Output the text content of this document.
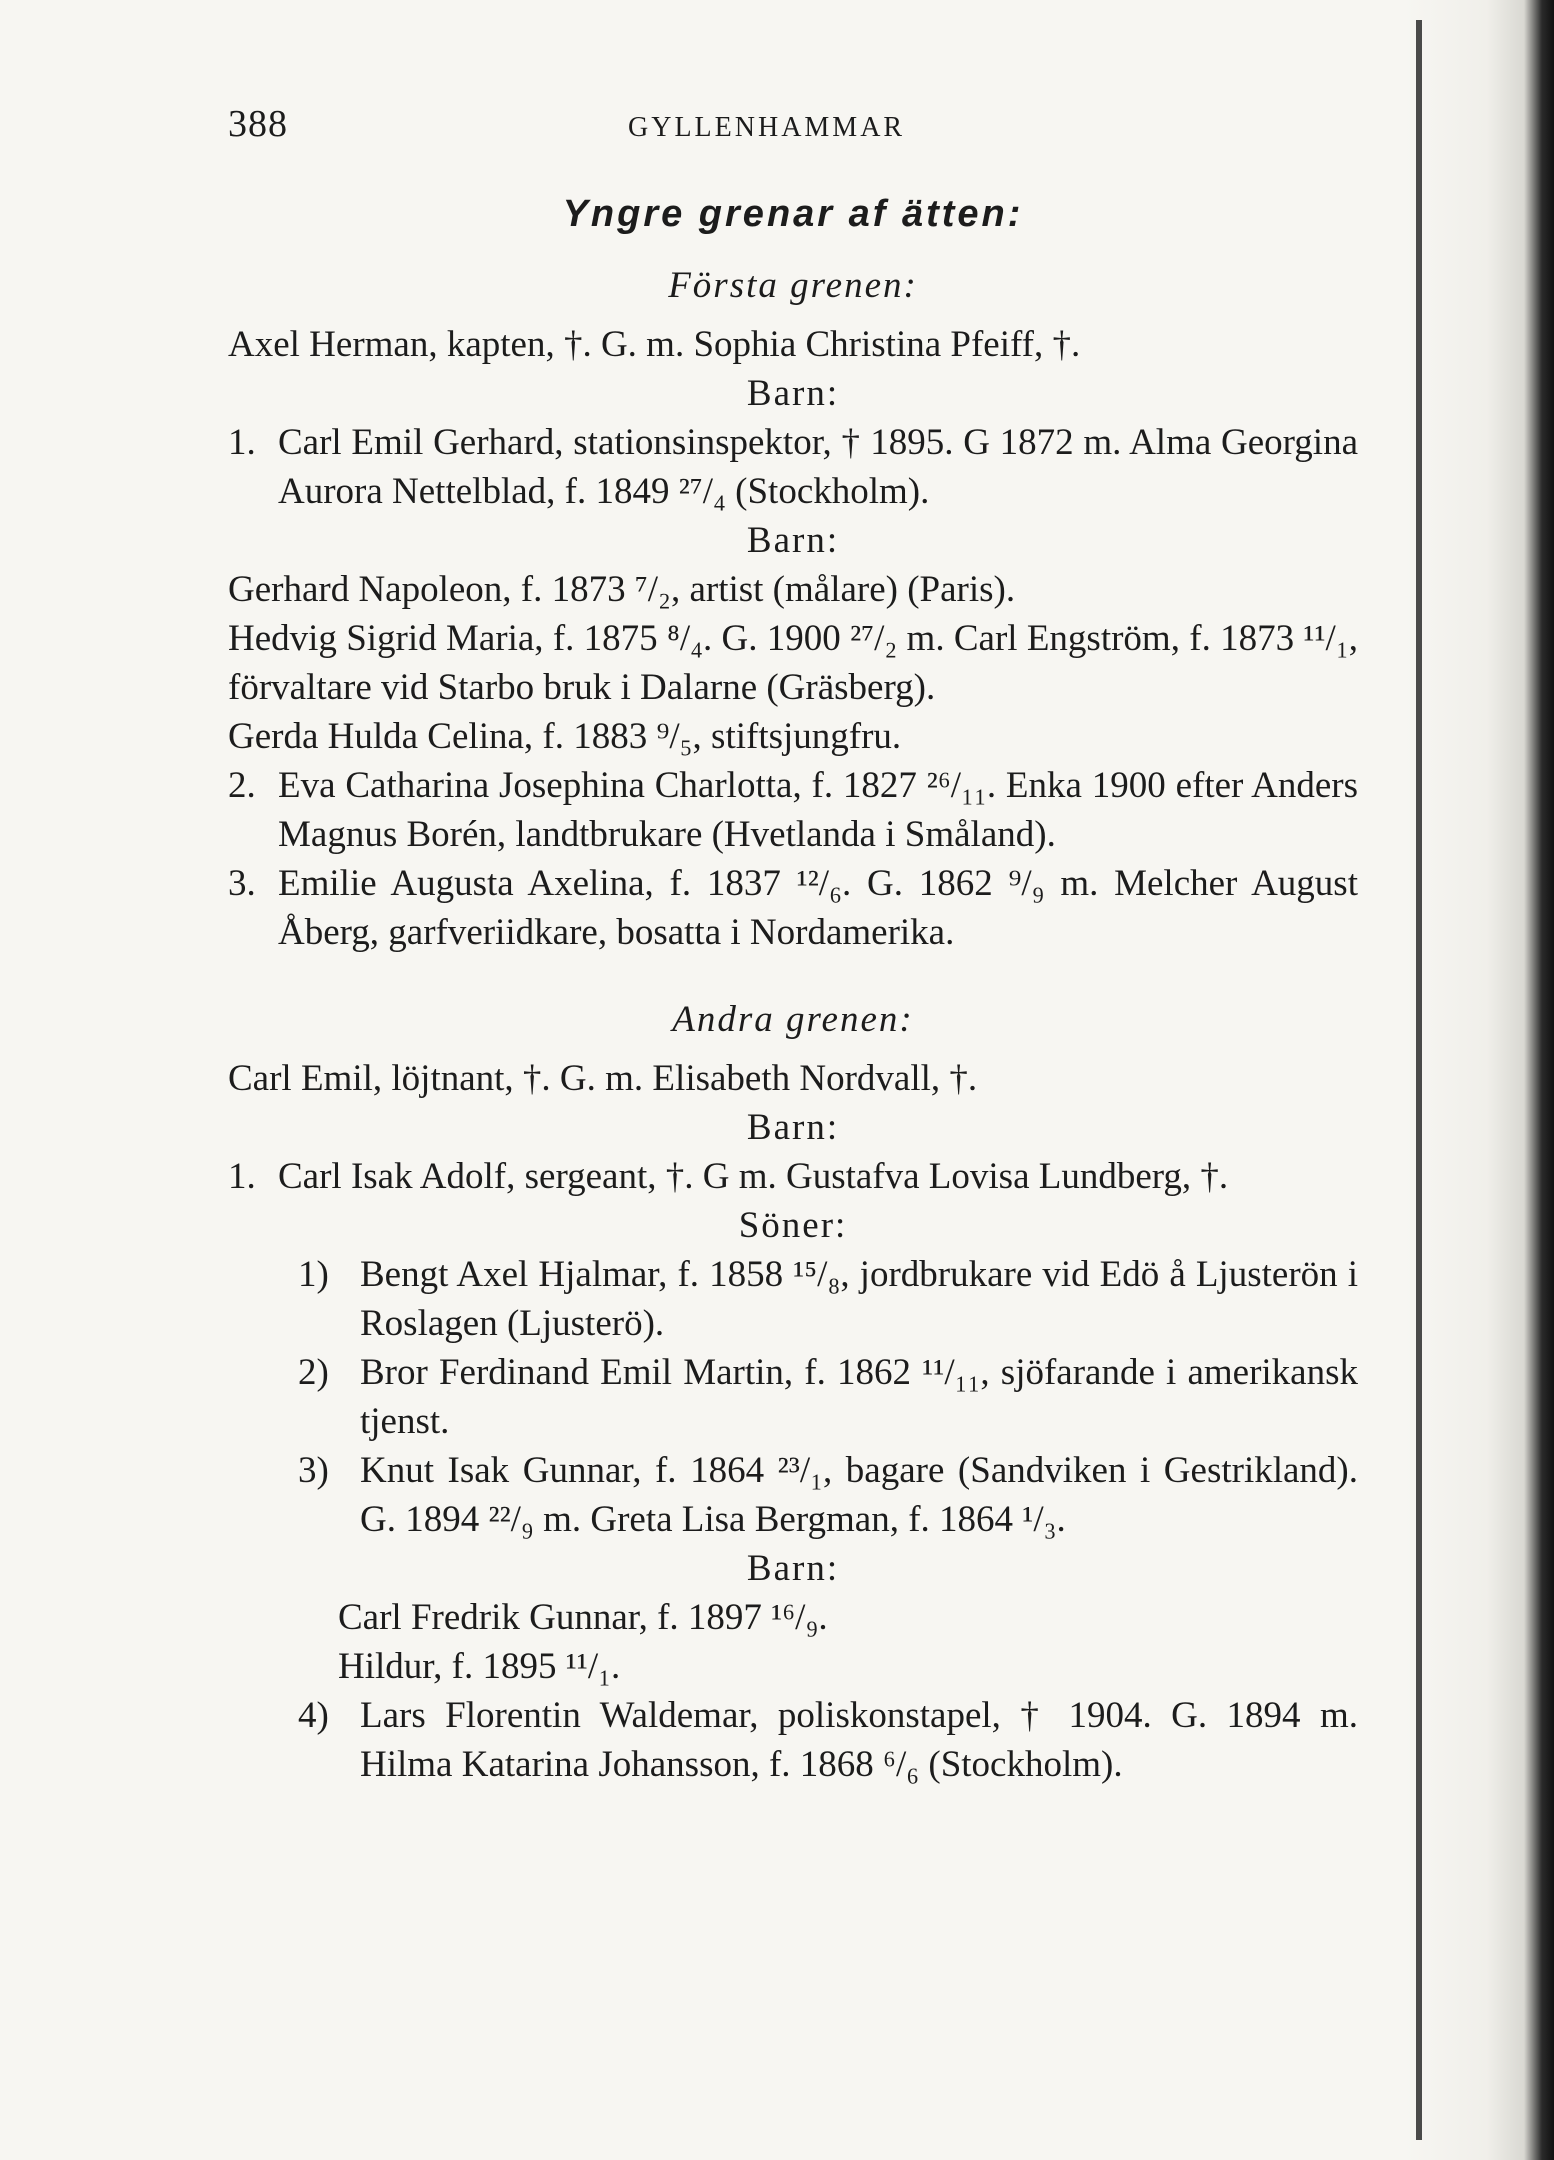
388	GYLLENHAMMAR
Yngre grenar af ätten:
Första grenen:
Axel Herman, kapten, †. G. m. Sophia Christina Pfeiff, †.
Barn:
1. Carl Emil Gerhard, stationsinspektor, † 1895. G 1872 m. Alma Georgina Aurora Nettelblad, f. 1849 ²⁷/₄ (Stockholm).
Barn:
Gerhard Napoleon, f. 1873 ⁷/₂, artist (målare) (Paris).
Hedvig Sigrid Maria, f. 1875 ⁸/₄. G. 1900 ²⁷/₂ m. Carl Engström, f. 1873 ¹¹/₁, förvaltare vid Starbo bruk i Dalarne (Gräsberg).
Gerda Hulda Celina, f. 1883 ⁹/₅, stiftsjungfru.
2. Eva Catharina Josephina Charlotta, f. 1827 ²⁶/₁₁. Enka 1900 efter Anders Magnus Borén, landtbrukare (Hvetlanda i Småland).
3. Emilie Augusta Axelina, f. 1837 ¹²/₆. G. 1862 ⁹/₉ m. Melcher August Åberg, garfveriidkare, bosatta i Nordamerika.
Andra grenen:
Carl Emil, löjtnant, †. G. m. Elisabeth Nordvall, †.
Barn:
1. Carl Isak Adolf, sergeant, †. G m. Gustafva Lovisa Lundberg, †.
Söner:
1) Bengt Axel Hjalmar, f. 1858 ¹⁵/₈, jordbrukare vid Edö å Ljusterön i Roslagen (Ljusterö).
2) Bror Ferdinand Emil Martin, f. 1862 ¹¹/₁₁, sjöfarande i amerikansk tjenst.
3) Knut Isak Gunnar, f. 1864 ²³/₁, bagare (Sandviken i Gestrikland). G. 1894 ²²/₉ m. Greta Lisa Bergman, f. 1864 ¹/₃.
Barn:
Carl Fredrik Gunnar, f. 1897 ¹⁶/₉.
Hildur, f. 1895 ¹¹/₁.
4) Lars Florentin Waldemar, poliskonstapel, † 1904. G. 1894 m. Hilma Katarina Johansson, f. 1868 ⁶/₆ (Stockholm).
